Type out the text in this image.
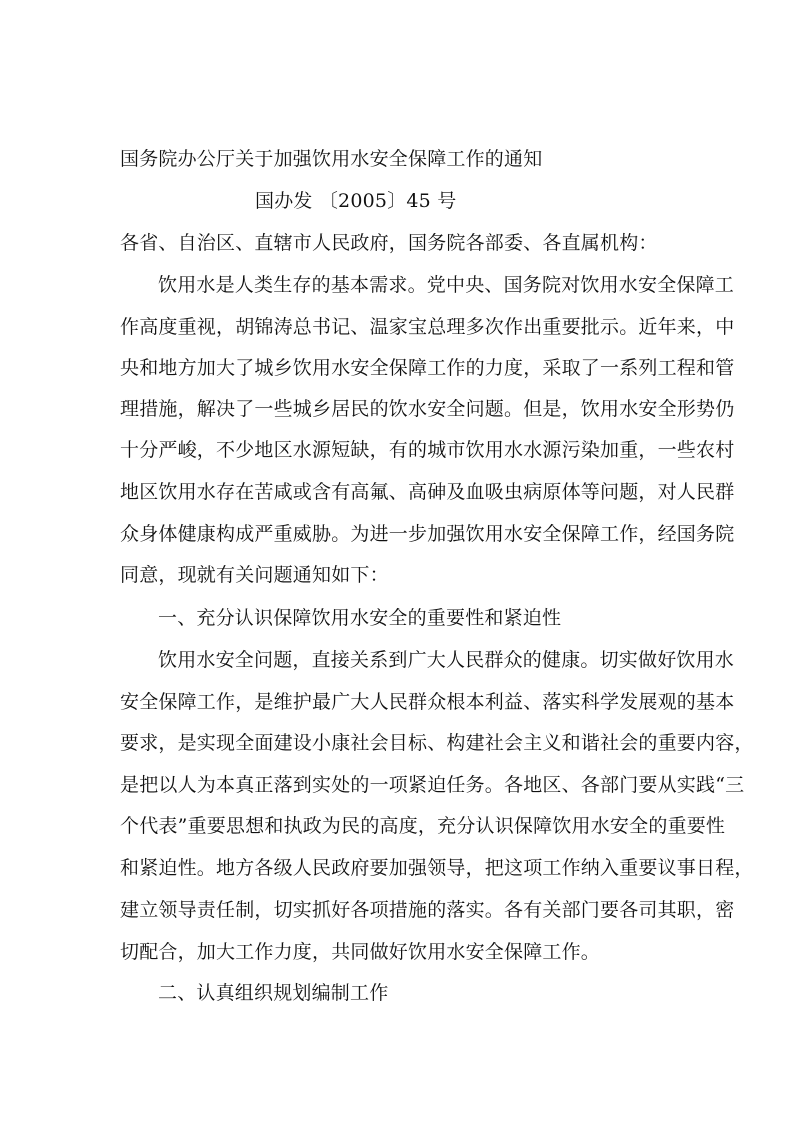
国务院办公厅关于加强饮用水安全保障工作的通知
国办发 〔2005〕45 号
各省、自治区、直辖市人民政府，国务院各部委、各直属机构：
饮用水是人类生存的基本需求。党中央、国务院对饮用水安全保障工
作高度重视，胡锦涛总书记、温家宝总理多次作出重要批示。近年来，中
央和地方加大了城乡饮用水安全保障工作的力度，采取了一系列工程和管
理措施，解决了一些城乡居民的饮水安全问题。但是，饮用水安全形势仍
十分严峻，不少地区水源短缺，有的城市饮用水水源污染加重，一些农村
地区饮用水存在苦咸或含有高氟、高砷及血吸虫病原体等问题，对人民群
众身体健康构成严重威胁。为进一步加强饮用水安全保障工作，经国务院
同意，现就有关问题通知如下：
一、充分认识保障饮用水安全的重要性和紧迫性
饮用水安全问题，直接关系到广大人民群众的健康。切实做好饮用水
安全保障工作，是维护最广大人民群众根本利益、落实科学发展观的基本
要求，是实现全面建设小康社会目标、构建社会主义和谐社会的重要内容，
是把以人为本真正落到实处的一项紧迫任务。各地区、各部门要从实践“三
个代表”重要思想和执政为民的高度，充分认识保障饮用水安全的重要性
和紧迫性。地方各级人民政府要加强领导，把这项工作纳入重要议事日程，
建立领导责任制，切实抓好各项措施的落实。各有关部门要各司其职，密
切配合，加大工作力度，共同做好饮用水安全保障工作。
二、认真组织规划编制工作
